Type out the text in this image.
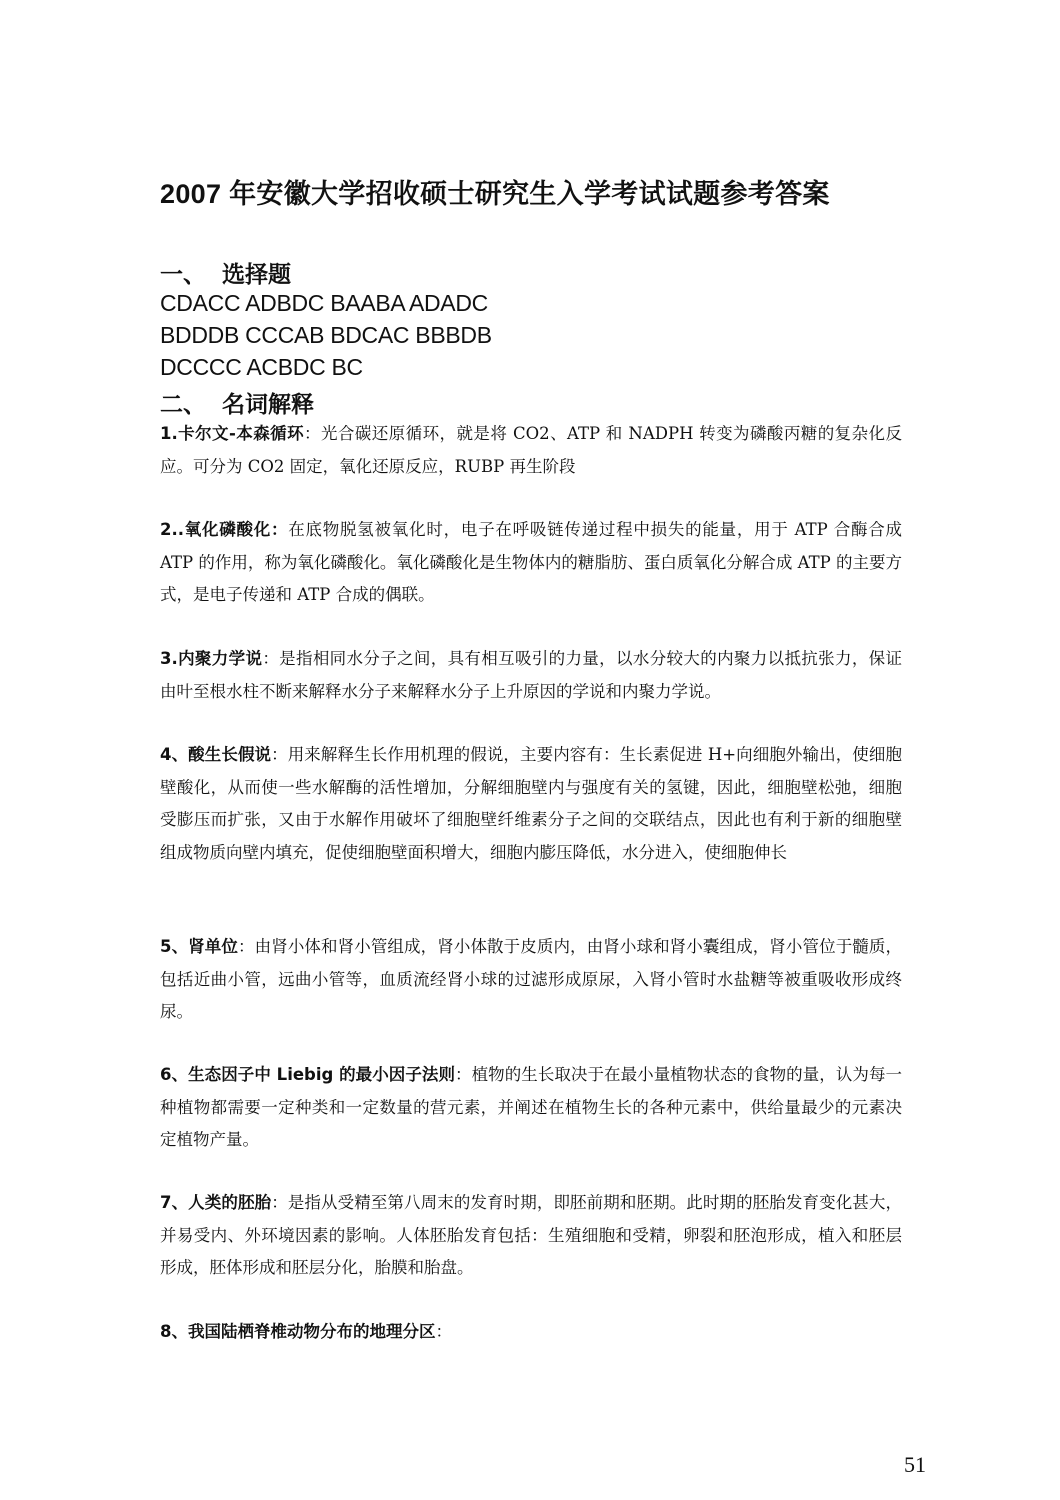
2007 年安徽大学招收硕士研究生入学考试试题参考答案
一、 选择题
CDACC ADBDC BAABA ADADC
BDDDB CCCAB BDCAC BBBDB
DCCCC ACBDC BC
二、 名词解释
1.卡尔文-本森循环：光合碳还原循环，就是将 CO2、ATP 和 NADPH 转变为磷酸丙糖的复杂化反应。可分为 CO2 固定，氧化还原反应，RUBP 再生阶段
2..氧化磷酸化：在底物脱氢被氧化时，电子在呼吸链传递过程中损失的能量，用于 ATP 合酶合成 ATP 的作用，称为氧化磷酸化。氧化磷酸化是生物体内的糖脂肪、蛋白质氧化分解合成 ATP 的主要方式，是电子传递和 ATP 合成的偶联。
3.内聚力学说：是指相同水分子之间，具有相互吸引的力量，以水分较大的内聚力以抵抗张力，保证由叶至根水柱不断来解释水分子来解释水分子上升原因的学说和内聚力学说。
4、酸生长假说：用来解释生长作用机理的假说，主要内容有：生长素促进 H+向细胞外输出，使细胞壁酸化，从而使一些水解酶的活性增加，分解细胞壁内与强度有关的氢键，因此，细胞壁松弛，细胞受膨压而扩张，又由于水解作用破坏了细胞壁纤维素分子之间的交联结点，因此也有利于新的细胞壁组成物质向壁内填充，促使细胞壁面积增大，细胞内膨压降低，水分进入，使细胞伸长
5、肾单位：由肾小体和肾小管组成，肾小体散于皮质内，由肾小球和肾小囊组成，肾小管位于髓质，包括近曲小管，远曲小管等，血质流经肾小球的过滤形成原尿，入肾小管时水盐糖等被重吸收形成终尿。
6、生态因子中 Liebig 的最小因子法则：植物的生长取决于在最小量植物状态的食物的量，认为每一种植物都需要一定种类和一定数量的营元素，并阐述在植物生长的各种元素中，供给量最少的元素决定植物产量。
7、人类的胚胎：是指从受精至第八周末的发育时期，即胚前期和胚期。此时期的胚胎发育变化甚大，并易受内、外环境因素的影响。人体胚胎发育包括：生殖细胞和受精，卵裂和胚泡形成，植入和胚层形成，胚体形成和胚层分化，胎膜和胎盘。
8、我国陆栖脊椎动物分布的地理分区：
51
